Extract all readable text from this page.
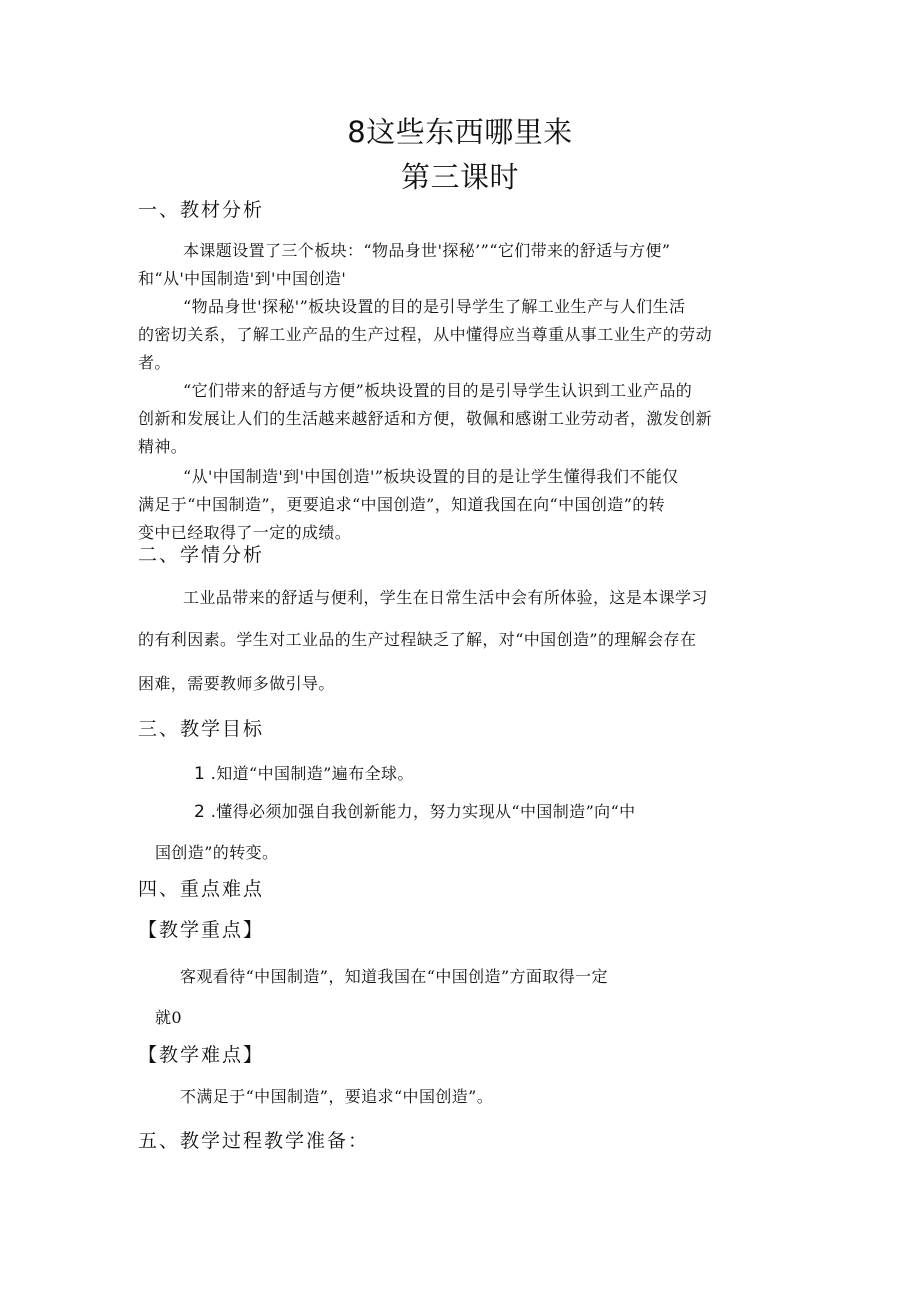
8这些东西哪里来
第三课时
一、教材分析
本课题设置了三个板块：“物品身世'探秘’”“它们带来的舒适与方便”
和“从'中国制造'到'中国创造'
“物品身世'探秘'”板块设置的目的是引导学生了解工业生产与人们生活
的密切关系，了解工业产品的生产过程，从中懂得应当尊重从事工业生产的劳动
者。
“它们带来的舒适与方便”板块设置的目的是引导学生认识到工业产品的
创新和发展让人们的生活越来越舒适和方便，敬佩和感谢工业劳动者，激发创新
精神。
“从'中国制造'到'中国创造'”板块设置的目的是让学生懂得我们不能仅
满足于“中国制造”，更要追求“中国创造”，知道我国在向“中国创造”的转
变中已经取得了一定的成绩。
二、学情分析
工业品带来的舒适与便利，学生在日常生活中会有所体验，这是本课学习
的有利因素。学生对工业品的生产过程缺乏了解，对“中国创造”的理解会存在
困难，需要教师多做引导。
三、教学目标
1 .知道“中国制造”遍布全球。
2 .懂得必须加强自我创新能力，努力实现从“中国制造”向“中
国创造”的转变。
四、重点难点
【教学重点】
客观看待“中国制造”，知道我国在“中国创造”方面取得一定
就0
【教学难点】
不满足于“中国制造”，要追求“中国创造”。
五、教学过程教学准备：
